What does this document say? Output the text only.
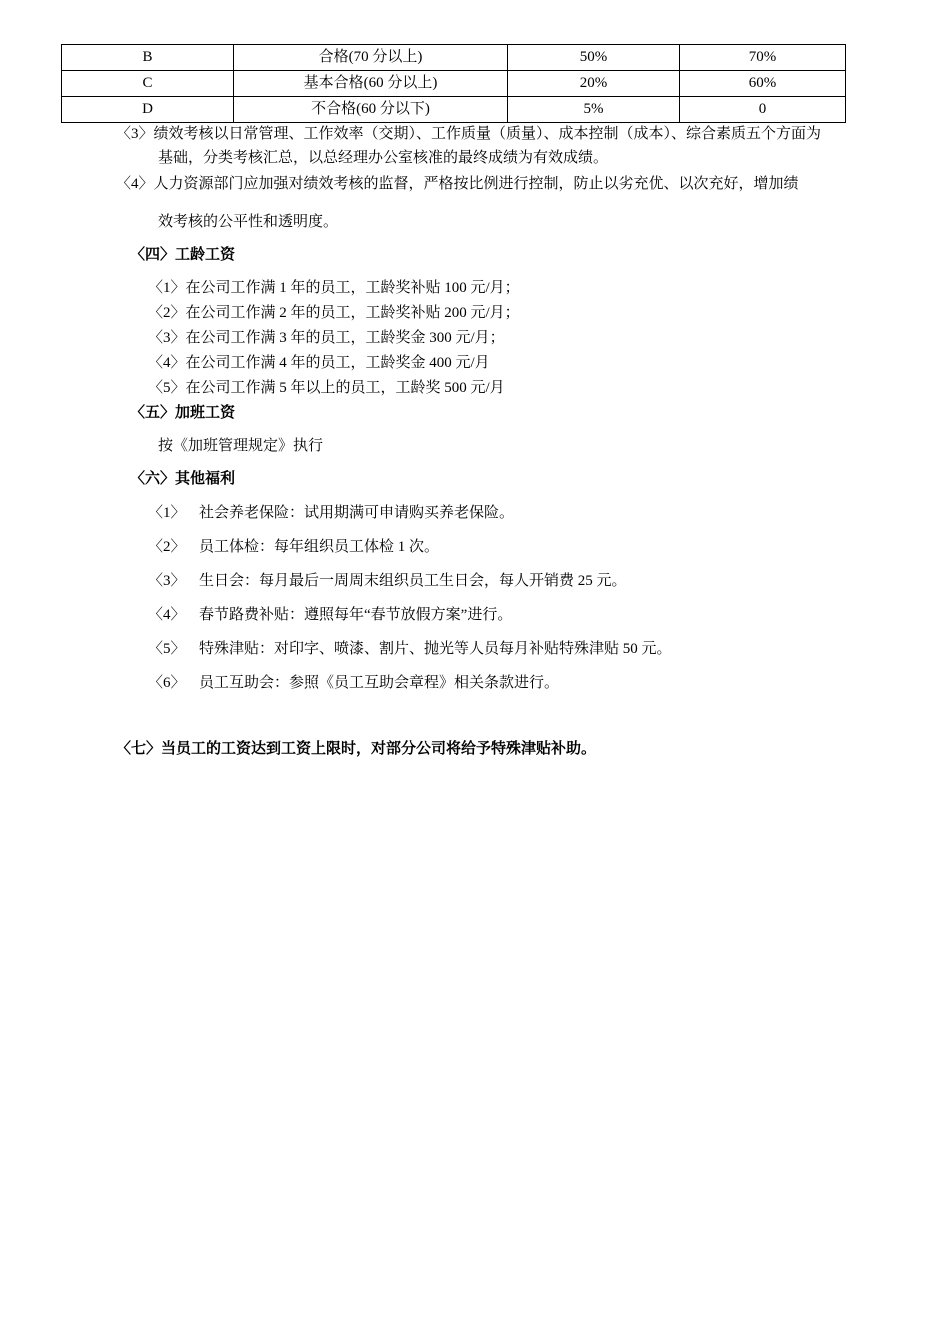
B	合格(70 分以上)	50%	70%
C	基本合格(60 分以上)	20%	60%
D	不合格(60 分以下)	5%	0
〈3〉绩效考核以日常管理、工作效率（交期）、工作质量（质量）、成本控制（成本）、综合素质五个方面为
基础，分类考核汇总，以总经理办公室核准的最终成绩为有效成绩。
〈4〉人力资源部门应加强对绩效考核的监督，严格按比例进行控制，防止以劣充优、以次充好，增加绩
效考核的公平性和透明度。
〈四〉工龄工资
〈1〉在公司工作满 1 年的员工，工龄奖补贴 100 元/月；
〈2〉在公司工作满 2 年的员工，工龄奖补贴 200 元/月；
〈3〉在公司工作满 3 年的员工，工龄奖金 300 元/月；
〈4〉在公司工作满 4 年的员工，工龄奖金 400 元/月
〈5〉在公司工作满 5 年以上的员工，工龄奖 500 元/月
〈五〉加班工资
按《加班管理规定》执行
〈六〉其他福利
〈1〉 社会养老保险：试用期满可申请购买养老保险。
〈2〉 员工体检：每年组织员工体检 1 次。
〈3〉 生日会：每月最后一周周末组织员工生日会，每人开销费 25 元。
〈4〉 春节路费补贴：遵照每年“春节放假方案”进行。
〈5〉 特殊津贴：对印字、喷漆、割片、抛光等人员每月补贴特殊津贴 50 元。
〈6〉 员工互助会：参照《员工互助会章程》相关条款进行。
〈七〉当员工的工资达到工资上限时，对部分公司将给予特殊津贴补助。
